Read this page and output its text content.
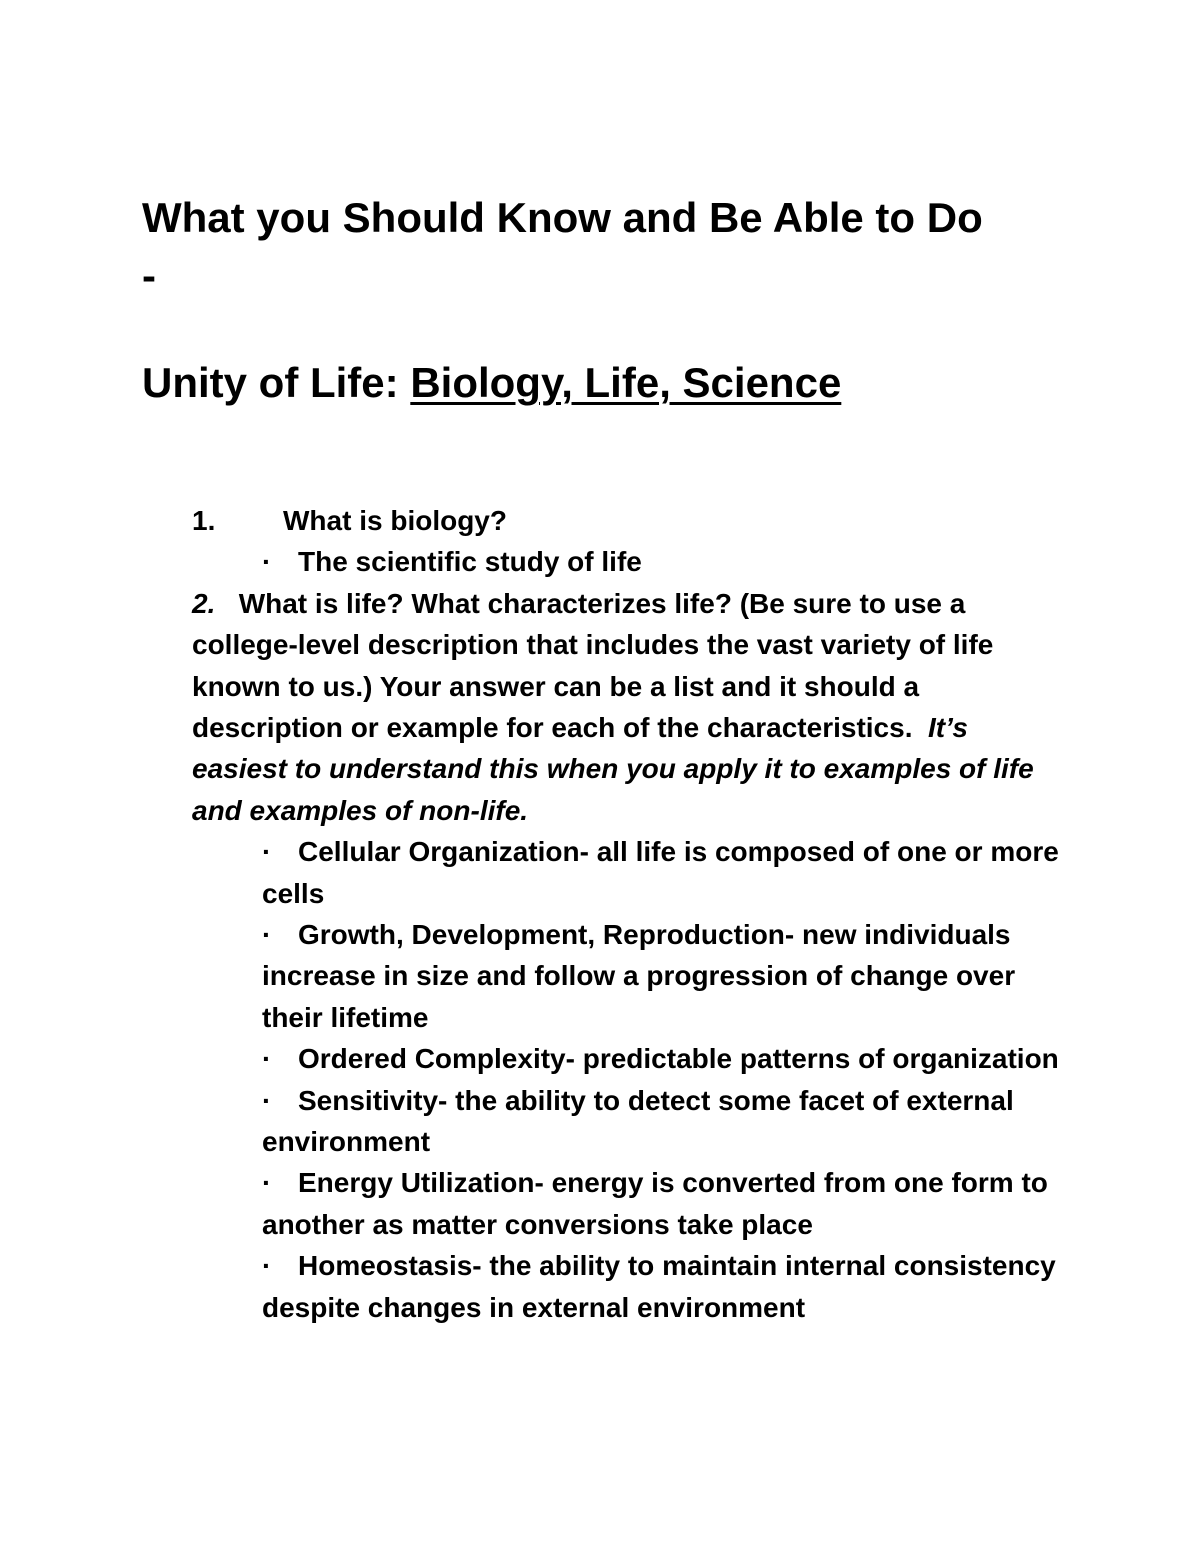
What you Should Know and Be Able to Do
-
Unity of Life: Biology, Life, Science
1. What is biology?
· The scientific study of life
2. What is life? What characterizes life? (Be sure to use a college-level description that includes the vast variety of life known to us.) Your answer can be a list and it should a description or example for each of the characteristics. It’s easiest to understand this when you apply it to examples of life and examples of non-life.
· Cellular Organization- all life is composed of one or more cells
· Growth, Development, Reproduction- new individuals increase in size and follow a progression of change over their lifetime
· Ordered Complexity- predictable patterns of organization
· Sensitivity- the ability to detect some facet of external environment
· Energy Utilization- energy is converted from one form to another as matter conversions take place
· Homeostasis- the ability to maintain internal consistency despite changes in external environment
